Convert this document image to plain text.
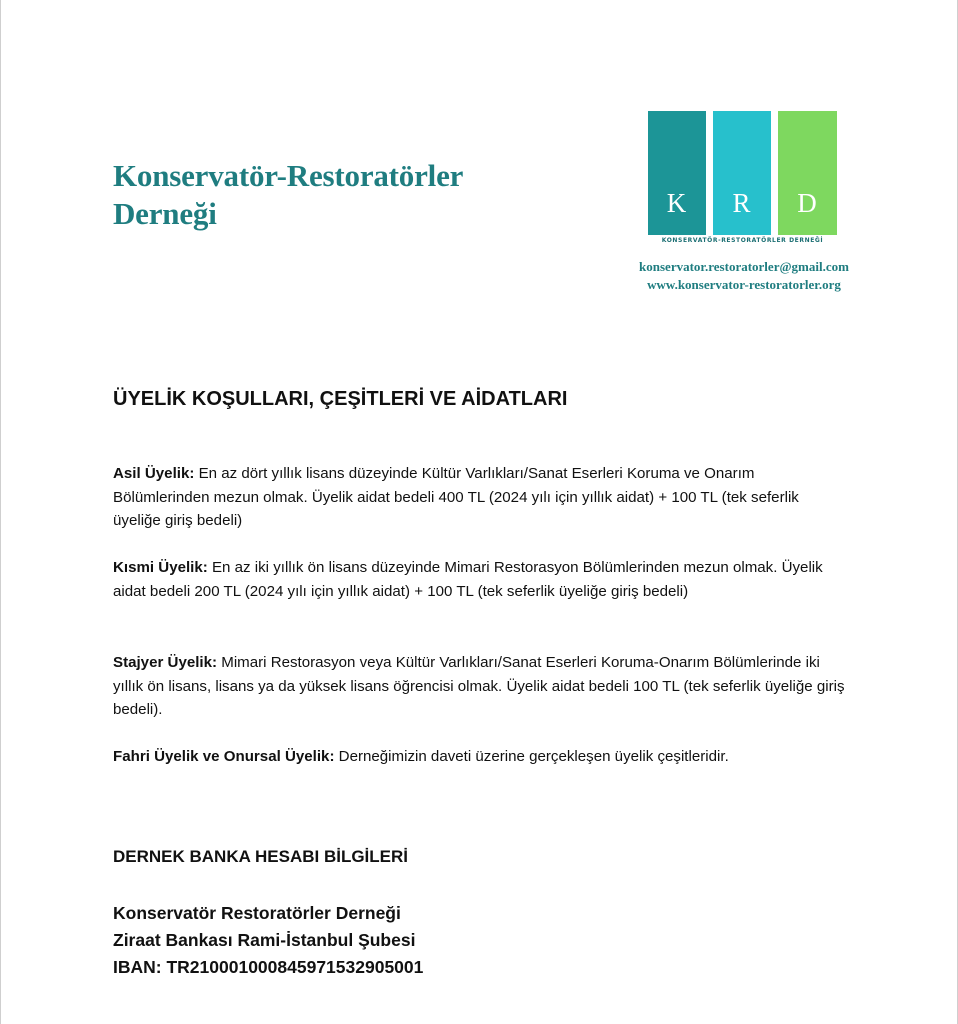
Konservatör-Restoratörler
Derneği	K	R	D
KONSERVATÖR-RESTORATÖRLER DERNEĞİ
konservator.restoratorler@gmail.com
www.konservator-restoratorler.org
ÜYELİK KOŞULLARI, ÇEŞİTLERİ VE AİDATLARI
Asil Üyelik: En az dört yıllık lisans düzeyinde Kültür Varlıkları/Sanat Eserleri Koruma ve Onarım Bölümlerinden mezun olmak. Üyelik aidat bedeli 400 TL (2024 yılı için yıllık aidat) + 100 TL (tek seferlik üyeliğe giriş bedeli)
Kısmi Üyelik: En az iki yıllık ön lisans düzeyinde Mimari Restorasyon Bölümlerinden mezun olmak. Üyelik aidat bedeli 200 TL (2024 yılı için yıllık aidat) + 100 TL (tek seferlik üyeliğe giriş bedeli)
Stajyer Üyelik: Mimari Restorasyon veya Kültür Varlıkları/Sanat Eserleri Koruma-Onarım Bölümlerinde iki yıllık ön lisans, lisans ya da yüksek lisans öğrencisi olmak. Üyelik aidat bedeli 100 TL (tek seferlik üyeliğe giriş bedeli).
Fahri Üyelik ve Onursal Üyelik: Derneğimizin daveti üzerine gerçekleşen üyelik çeşitleridir.
DERNEK BANKA HESABI BİLGİLERİ
Konservatör Restoratörler Derneği
Ziraat Bankası Rami-İstanbul Şubesi
IBAN: TR210001000845971532905001
